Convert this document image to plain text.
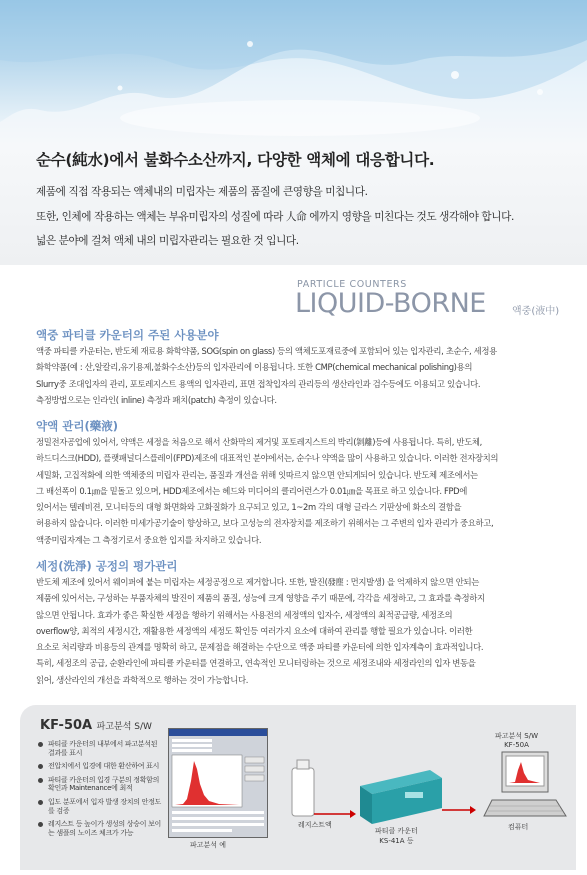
순수(純水)에서 불화수소산까지, 다양한 액체에 대응합니다.
제품에 직접 작용되는 액체내의 미립자는 제품의 품질에 큰영향을 미칩니다.
또한, 인체에 작용하는 액체는 부유미립자의 성질에 따라 人命 에까지 영향을 미친다는 것도 생각해야 합니다.
넓은 분야에 걸쳐 액체 내의 미립자관리는 필요한 것 입니다.
PARTICLE COUNTERS
LIQUID-BORNE	액중(液中)
액중 파티클 카운터의 주된 사용분야
액중 파티클 카운터는, 반도체 재료용 화학약품, SOG(spin on glass) 등의 액체도포재료중에 포함되어 있는 입자관리, 초순수, 세정용
화학약품(예 : 산,알칼리,유기용제,불화수소산)등의 입자관리에 이용됩니다. 또한 CMP(chemical mechanical polishing)용의
Slurry중 조대입자의 관리, 포토레지스트 용액의 입자관리, 표면 접착입자의 관리등의 생산라인과 검수등에도 이용되고 있습니다.
측정방법으로는 인라인( inline) 측정과 패치(patch) 측정이 있습니다.
약액 관리(藥液)
정밀전자공업에 있어서, 약액은 세정을 처음으로 해서 산화막의 제거및 포토레지스트의 박리(剝離)등에 사용됩니다. 특히, 반도체,
하드디스크(HDD), 플랫패널디스플레이(FPD)제조에 대표적인 분야에서는, 순수나 약액을 많이 사용하고 있습니다. 이러한 전자장치의
세밀화, 고집적화에 의한 액체중의 미립자 관리는, 품질과 개선을 위해 잇따르지 않으면 안되게되어 있습니다. 반도체 제조에서는
그 배선폭이 0.1㎛을 밑돌고 있으며, HDD제조에서는 헤드와 미디어의 클리어런스가 0.01㎛을 목표로 하고 있습니다. FPD에
있어서는 텔레비젼, 모니터등의 대형 화면화와 고화질화가 요구되고 있고, 1~2m 각의 대형 글라스 기판상에 화소의 결함을
허용하지 않습니다. 이러한 미세가공기술이 향상하고, 보다 고성능의 전자장치를 제조하기 위해서는 그 주변의 입자 관리가 중요하고,
액중미립자계는 그 측정기로서 중요한 입지를 차지하고 있습니다.
세정(洗淨) 공정의 평가관리
반도체 제조에 있어서 웨이퍼에 붙는 미립자는 세정공정으로 제거합니다. 또한, 발진(發塵 : 먼지발생) 을 억제하지 않으면 안되는
제품에 있어서는, 구성하는 부품자체의 발진이 제품의 품질, 성능에 크게 영향을 주기 때문에, 각각을 세정하고, 그 효과를 측정하지
않으면 안됩니다. 효과가 좋은 확실한 세정을 행하기 위해서는 사용전의 세정액의 입자수, 세정액의 최적공급량, 세정조의
overflow양, 최적의 세정시간, 재활용한 세정액의 세정도 확인등 여러가지 요소에 대하여 관리를 행할 필요가 있습니다. 이러한
요소로 처리량과 비용등의 관계를 명확히 하고, 문제점을 해결하는 수단으로 액중 파티클 카운터에 의한 입자계측이 효과적입니다.
특히, 세정조의 공급, 순환라인에 파티클 카운터를 연결하고, 연속적인 모니터링하는 것으로 세정조내와 세정라인의 입자 변동을
읽어, 생산라인의 개선을 과학적으로 행하는 것이 가능합니다.
KF-50A 파고분석 S/W
파티클 카운터의 내부에서 파고분석된 결과를 표시
전압치에서 입경에 대한 환산하여 표시
파티클 카운터의 입경 구분의 정확함의 확인과 Maintenance에 최적
입도 분포에서 입자 발생 장치의 안정도를 검증
레지스트 등 높이가 생성의 상승이 보이는 샘플의 노이즈 체크가 가능
파고분석 예
파고분석 S/W
KF-50A
레지스트액
파티클 카운터
KS-41A 등
컴퓨터
